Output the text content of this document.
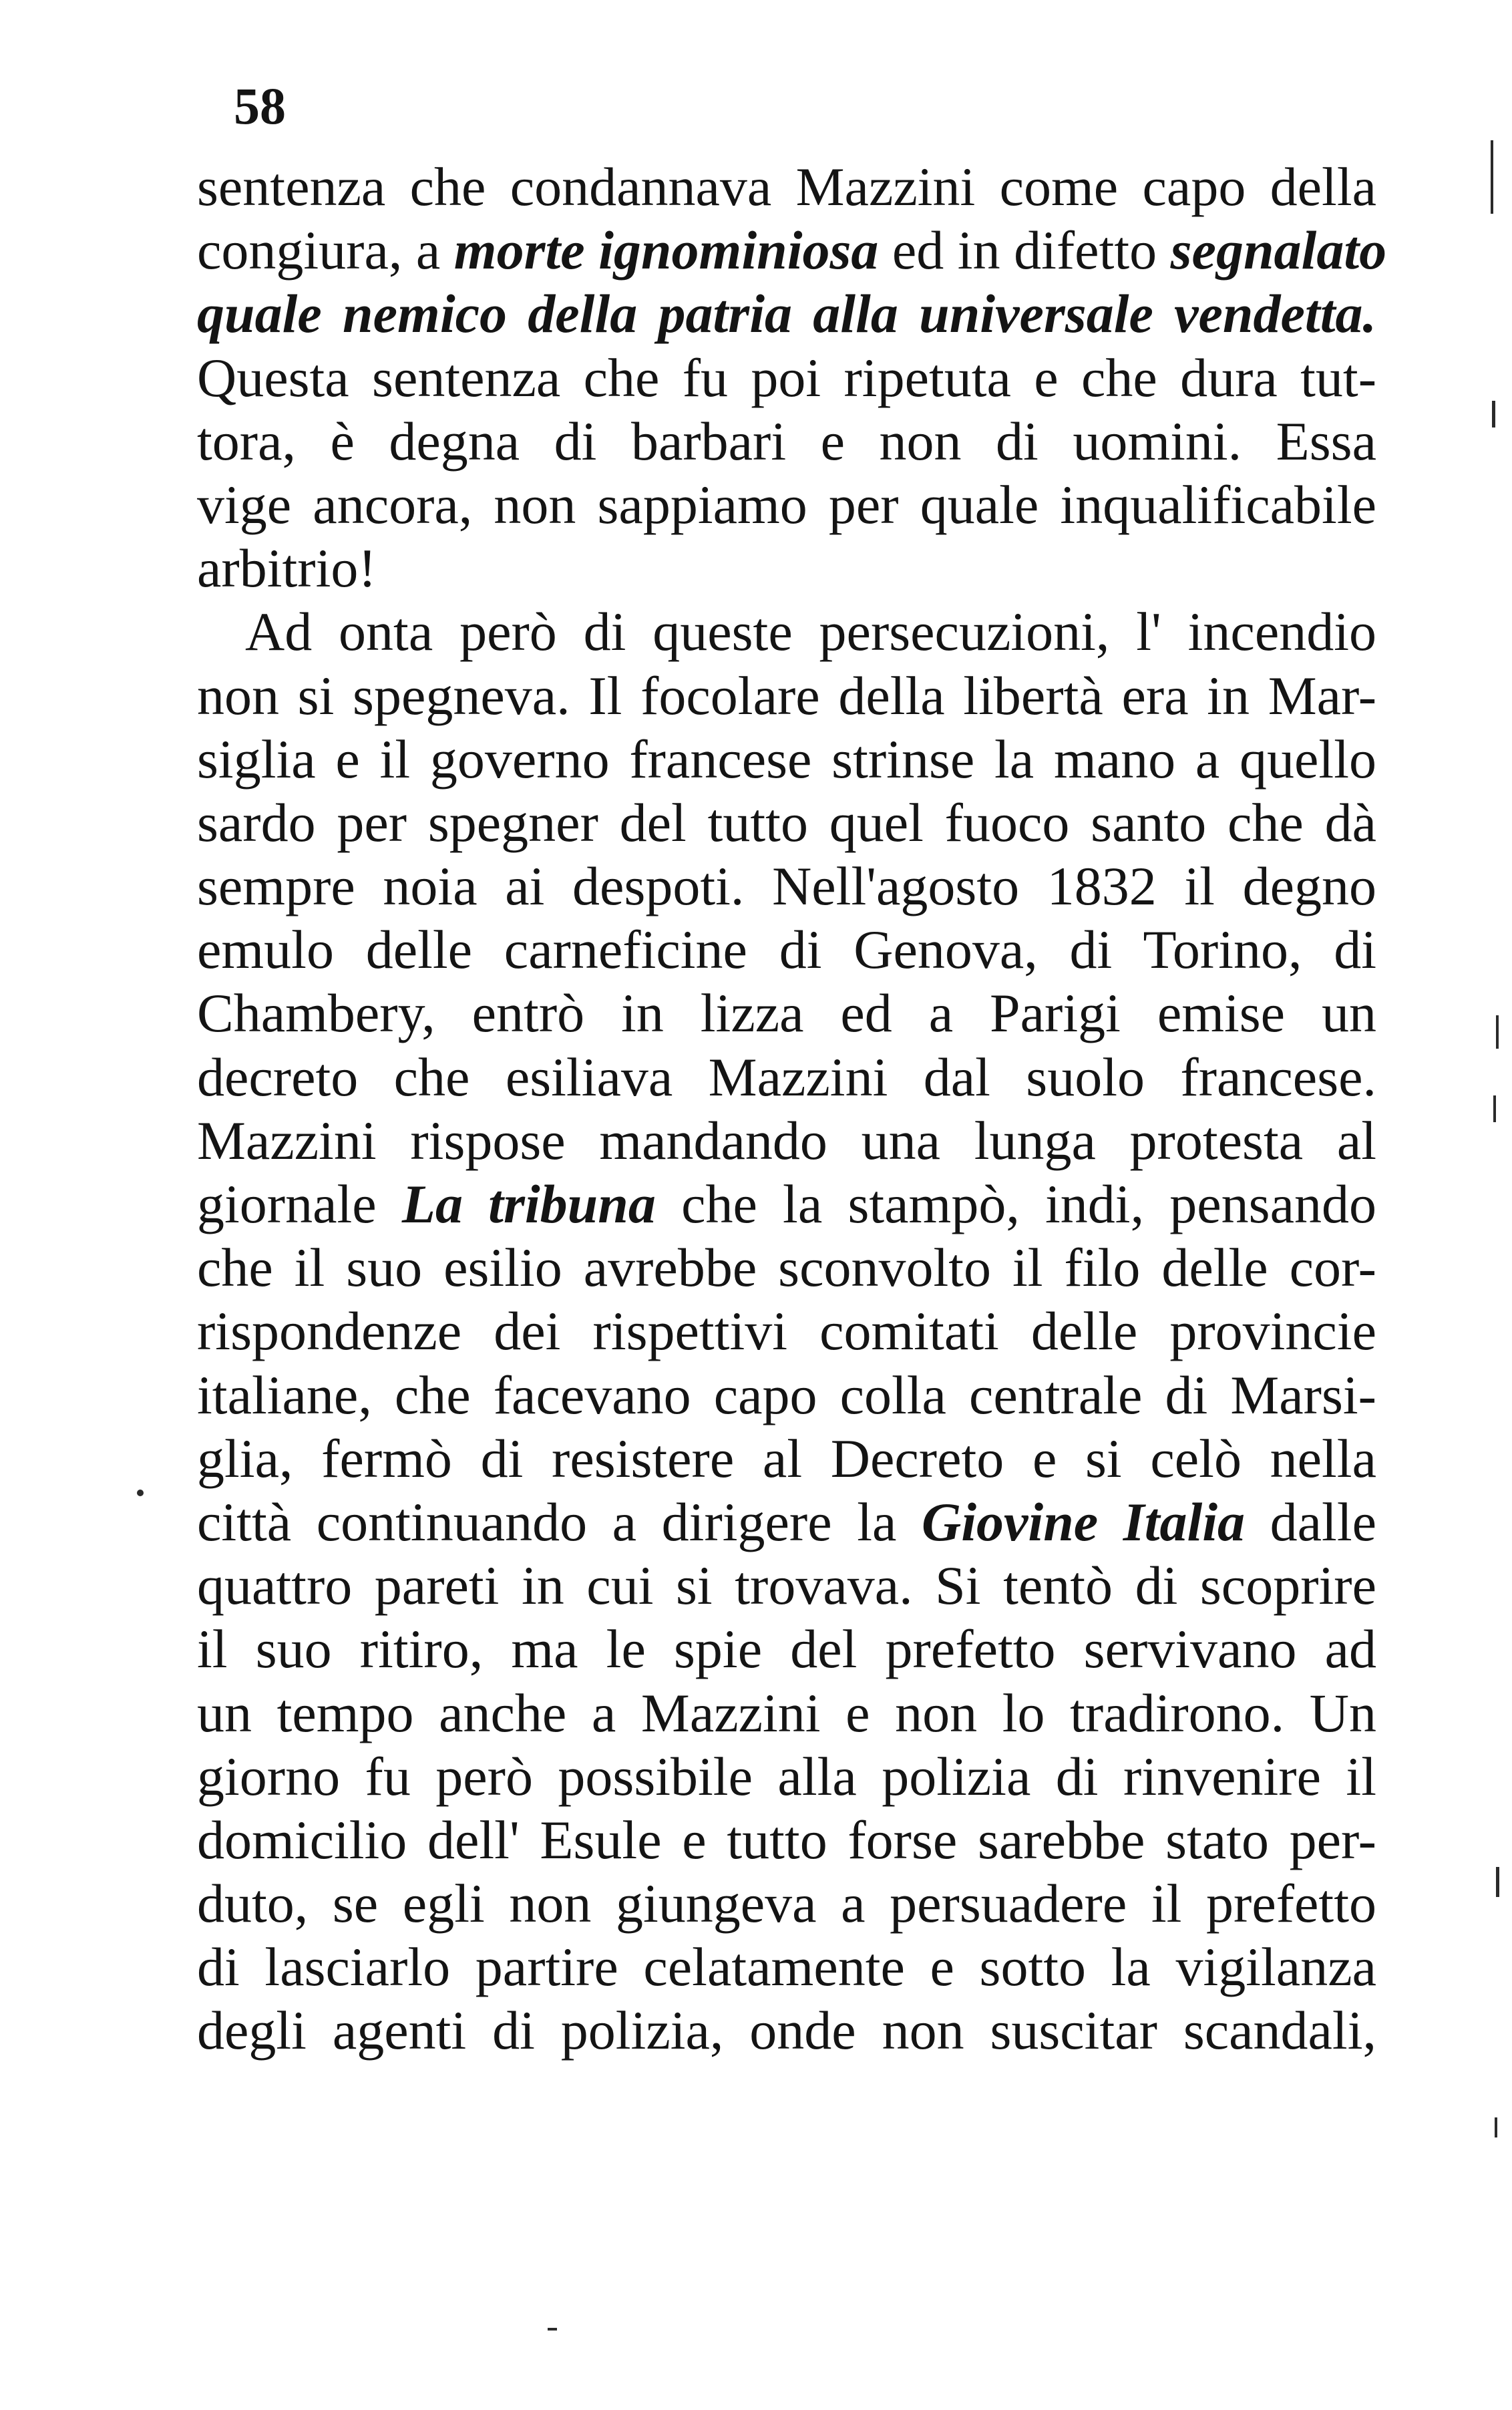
58
sentenza che condannava Mazzini come capo della
congiura, a morte ignominiosa ed in difetto segnalato
quale nemico della patria alla universale vendetta.
Questa sentenza che fu poi ripetuta e che dura tut-
tora, è degna di barbari e non di uomini. Essa
vige ancora, non sappiamo per quale inqualificabile
arbitrio!
Ad onta però di queste persecuzioni, l' incendio
non si spegneva. Il focolare della libertà era in Mar-
siglia e il governo francese strinse la mano a quello
sardo per spegner del tutto quel fuoco santo che dà
sempre noia ai despoti. Nell'agosto 1832 il degno
emulo delle carneficine di Genova, di Torino, di
Chambery, entrò in lizza ed a Parigi emise un
decreto che esiliava Mazzini dal suolo francese.
Mazzini rispose mandando una lunga protesta al
giornale La tribuna che la stampò, indi, pensando
che il suo esilio avrebbe sconvolto il filo delle cor-
rispondenze dei rispettivi comitati delle provincie
italiane, che facevano capo colla centrale di Marsi-
glia, fermò di resistere al Decreto e si celò nella
città continuando a dirigere la Giovine Italia dalle
quattro pareti in cui si trovava. Si tentò di scoprire
il suo ritiro, ma le spie del prefetto servivano ad
un tempo anche a Mazzini e non lo tradirono. Un
giorno fu però possibile alla polizia di rinvenire il
domicilio dell' Esule e tutto forse sarebbe stato per-
duto, se egli non giungeva a persuadere il prefetto
di lasciarlo partire celatamente e sotto la vigilanza
degli agenti di polizia, onde non suscitar scandali,
